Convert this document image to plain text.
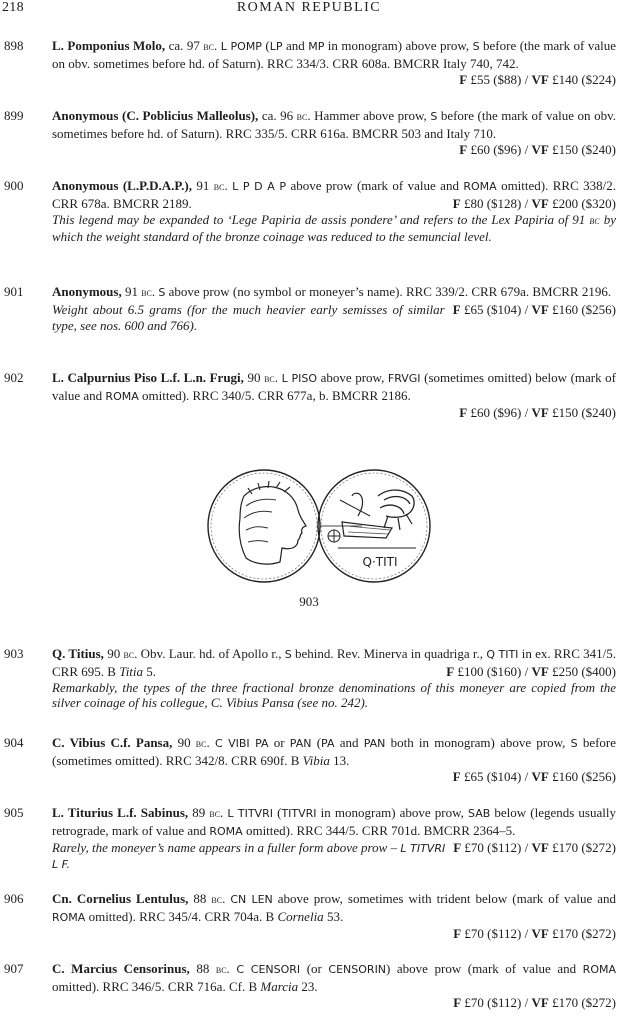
218	ROMAN REPUBLIC
898 L. Pomponius Molo, ca. 97 bc. L POMP (LP and MP in monogram) above prow, S before (the mark of value on obv. sometimes before hd. of Saturn). RRC 334/3. CRR 608a. BMCRR Italy 740, 742.
F £55 ($88) / VF £140 ($224)
899 Anonymous (C. Poblicius Malleolus), ca. 96 bc. Hammer above prow, S before (the mark of value on obv. sometimes before hd. of Saturn). RRC 335/5. CRR 616a. BMCRR 503 and Italy 710.
F £60 ($96) / VF £150 ($240)
900 Anonymous (L.P.D.A.P.), 91 bc. L P D A P above prow (mark of value and ROMA omitted). RRC 338/2. CRR 678a. BMCRR 2189.	F £80 ($128) / VF £200 ($320)
This legend may be expanded to ‘Lege Papiria de assis pondere’ and refers to the Lex Papiria of 91 bc by which the weight standard of the bronze coinage was reduced to the semuncial level.
901 Anonymous, 91 bc. S above prow (no symbol or moneyer’s name). RRC 339/2. CRR 679a. BMCRR 2196.
F £65 ($104) / VF £160 ($256)
Weight about 6.5 grams (for the much heavier early semisses of similar type, see nos. 600 and 766).
902 L. Calpurnius Piso L.f. L.n. Frugi, 90 bc. L PISO above prow, FRVGI (sometimes omitted) below (mark of value and ROMA omitted). RRC 340/5. CRR 677a, b. BMCRR 2186.
F £60 ($96) / VF £150 ($240)
Q·TITI
903
903 Q. Titius, 90 bc. Obv. Laur. hd. of Apollo r., S behind. Rev. Minerva in quadriga r., Q TITI in ex. RRC 341/5. CRR 695. B Titia 5.	F £100 ($160) / VF £250 ($400)
Remarkably, the types of the three fractional bronze denominations of this moneyer are copied from the silver coinage of his collegue, C. Vibius Pansa (see no. 242).
904 C. Vibius C.f. Pansa, 90 bc. C VIBI PA or PAN (PA and PAN both in monogram) above prow, S before (sometimes omitted). RRC 342/8. CRR 690f. B Vibia 13.
F £65 ($104) / VF £160 ($256)
905 L. Titurius L.f. Sabinus, 89 bc. L TITVRI (TITVRI in monogram) above prow, SAB below (legends usually retrograde, mark of value and ROMA omitted). RRC 344/5. CRR 701d. BMCRR 2364–5.
F £70 ($112) / VF £170 ($272)
Rarely, the moneyer’s name appears in a fuller form above prow – L TITVRI L F.
906 Cn. Cornelius Lentulus, 88 bc. CN LEN above prow, sometimes with trident below (mark of value and ROMA omitted). RRC 345/4. CRR 704a. B Cornelia 53.
F £70 ($112) / VF £170 ($272)
907 C. Marcius Censorinus, 88 bc. C CENSORI (or CENSORIN) above prow (mark of value and ROMA omitted). RRC 346/5. CRR 716a. Cf. B Marcia 23.
F £70 ($112) / VF £170 ($272)
